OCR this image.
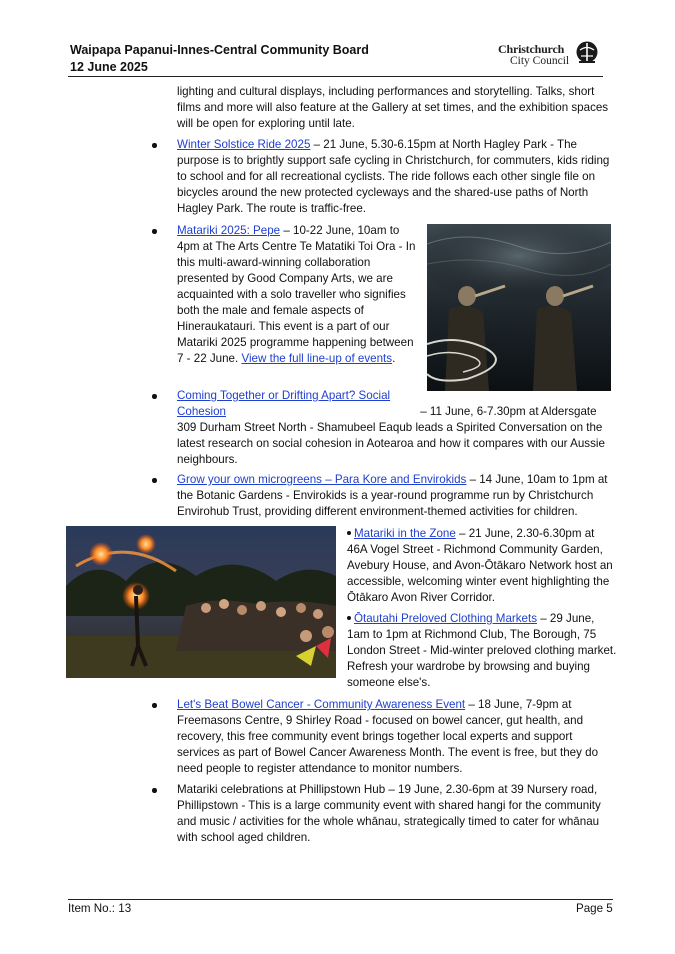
Waipapa Papanui-Innes-Central Community Board
12 June 2025
Christchurch
City Council
lighting and cultural displays, including performances and storytelling. Talks, short films and more will also feature at the Gallery at set times, and the exhibition spaces will be open for exploring until late.
Winter Solstice Ride 2025 – 21 June, 5.30-6.15pm at North Hagley Park - The purpose is to brightly support safe cycling in Christchurch, for commuters, kids riding to school and for all recreational cyclists. The ride follows each other single file on bicycles around the new protected cycleways and the shared-use paths of North Hagley Park. The route is traffic-free.
Matariki 2025: Pepe – 10-22 June, 10am to 4pm at The Arts Centre Te Matatiki Toi Ora - In this multi-award-winning collaboration presented by Good Company Arts, we are acquainted with a solo traveller who signifies both the male and female aspects of Hineraukatauri. This event is a part of our Matariki 2025 programme happening between 7 - 22 June. View the full line-up of events.
Coming Together or Drifting Apart? Social Cohesion	– 11 June, 6-7.30pm at Aldersgate 309 Durham Street North - Shamubeel Eaqub leads a Spirited Conversation on the latest research on social cohesion in Aotearoa and how it compares with our Aussie neighbours.
Grow your own microgreens – Para Kore and Envirokids – 14 June, 10am to 1pm at the Botanic Gardens - Envirokids is a year-round programme run by Christchurch Envirohub Trust, providing different environment-themed activities for children.
Matariki in the Zone – 21 June, 2.30-6.30pm at 46A Vogel Street - Richmond Community Garden, Avebury House, and Avon-Ōtākaro Network host an accessible, welcoming winter event highlighting the Ōtākaro Avon River Corridor.
Ōtautahi Preloved Clothing Markets – 29 June, 1am to 1pm at Richmond Club, The Borough, 75 London Street - Mid-winter preloved clothing market. Refresh your wardrobe by browsing and buying someone else's.
Let's Beat Bowel Cancer - Community Awareness Event – 18 June, 7-9pm at Freemasons Centre, 9 Shirley Road - focused on bowel cancer, gut health, and recovery, this free community event brings together local experts and support services as part of Bowel Cancer Awareness Month. The event is free, but they do need people to register attendance to monitor numbers.
Matariki celebrations at Phillipstown Hub – 19 June, 2.30-6pm at 39 Nursery road, Phillipstown - This is a large community event with shared hangi for the community and music / activities for the whole whānau, strategically timed to cater for whānau with school aged children.
Item No.: 13	Page 5
